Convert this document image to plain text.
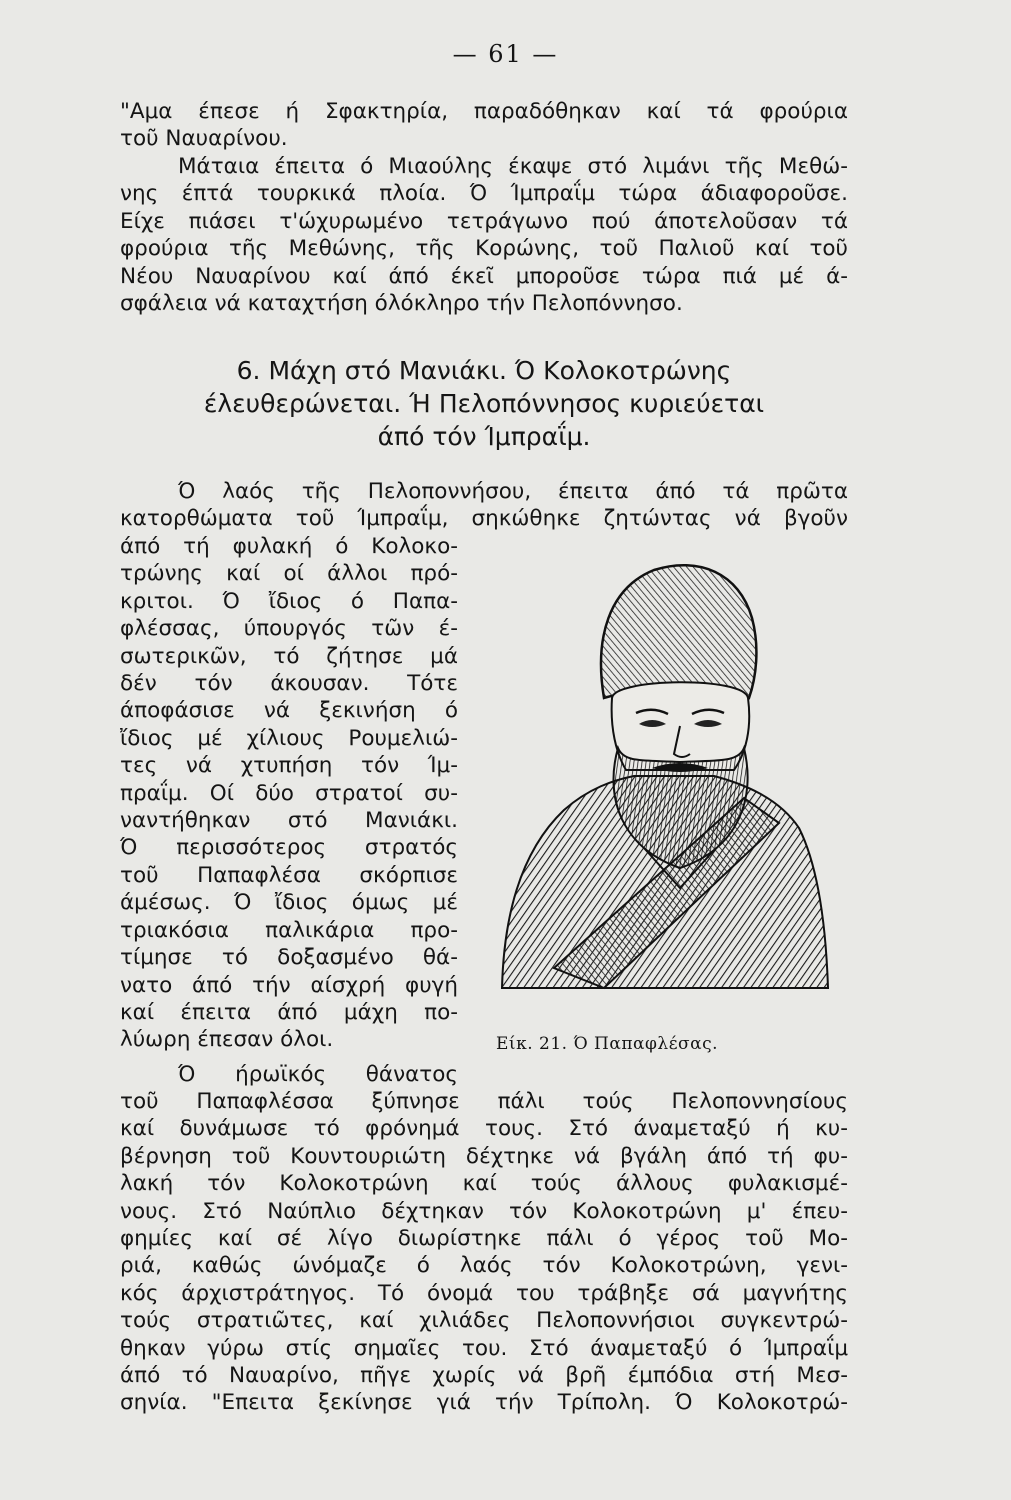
— 61 —
"Αμα έπεσε ή Σφακτηρία, παραδόθηκαν καί τά φρούρια
τοῦ Ναυαρίνου.
Μάταια έπειτα ό Μιαούλης έκαψε στό λιμάνι τῆς Μεθώ-
νης έπτά τουρκικά πλοία. Ό Ίμπραΐμ τώρα άδιαφοροῦσε.
Είχε πιάσει τ'ώχυρωμένο τετράγωνο πού άποτελοῦσαν τά
φρούρια τῆς Μεθώνης, τῆς Κορώνης, τοῦ Παλιοῦ καί τοῦ
Νέου Ναυαρίνου καί άπό έκεῖ μποροῦσε τώρα πιά μέ ά-
σφάλεια νά καταχτήση όλόκληρο τήν Πελοπόννησο.
6. Μάχη στό Μανιάκι. Ό Κολοκοτρώνης
έλευθερώνεται. Ή Πελοπόννησος κυριεύεται
άπό τόν Ίμπραΐμ.
Ό λαός τῆς Πελοποννήσου, έπειτα άπό τά πρῶτα
κατορθώματα τοῦ Ίμπραΐμ, σηκώθηκε ζητώντας νά βγοῦν
άπό τή φυλακή ό Κολοκο-
τρώνης καί οί άλλοι πρό-
κριτοι. Ό ἴδιος ό Παπα-
φλέσσας, ύπουργός τῶν έ-
σωτερικῶν, τό ζήτησε μά
δέν τόν άκουσαν. Τότε
άποφάσισε νά ξεκινήση ό
ἴδιος μέ χίλιους Ρουμελιώ-
τες νά χτυπήση τόν Ίμ-
πραΐμ. Οί δύο στρατοί συ-
ναντήθηκαν στό Μανιάκι.
Ό περισσότερος στρατός
τοῦ Παπαφλέσα σκόρπισε
άμέσως. Ό ἴδιος όμως μέ
τριακόσια παλικάρια προ-
τίμησε τό δοξασμένο θά-
νατο άπό τήν αίσχρή φυγή
καί έπειτα άπό μάχη πο-
λύωρη έπεσαν όλοι.
Ό ήρωϊκός θάνατος
τοῦ Παπαφλέσσα ξύπνησε πάλι τούς Πελοποννησίους
καί δυνάμωσε τό φρόνημά τους. Στό άναμεταξύ ή κυ-
βέρνηση τοῦ Κουντουριώτη δέχτηκε νά βγάλη άπό τή φυ-
λακή τόν Κολοκοτρώνη καί τούς άλλους φυλακισμέ-
νους. Στό Ναύπλιο δέχτηκαν τόν Κολοκοτρώνη μ' έπευ-
φημίες καί σέ λίγο διωρίστηκε πάλι ό γέρος τοῦ Μο-
ριά, καθώς ώνόμαζε ό λαός τόν Κολοκοτρώνη, γενι-
κός άρχιστράτηγος. Τό όνομά του τράβηξε σά μαγνήτης
τούς στρατιῶτες, καί χιλιάδες Πελοποννήσιοι συγκεντρώ-
θηκαν γύρω στίς σημαῖες του. Στό άναμεταξύ ό Ίμπραΐμ
άπό τό Ναυαρίνο, πῆγε χωρίς νά βρῆ έμπόδια στή Μεσ-
σηνία. "Επειτα ξεκίνησε γιά τήν Τρίπολη. Ό Κολοκοτρώ-
Είκ. 21. Ό Παπαφλέσας.
